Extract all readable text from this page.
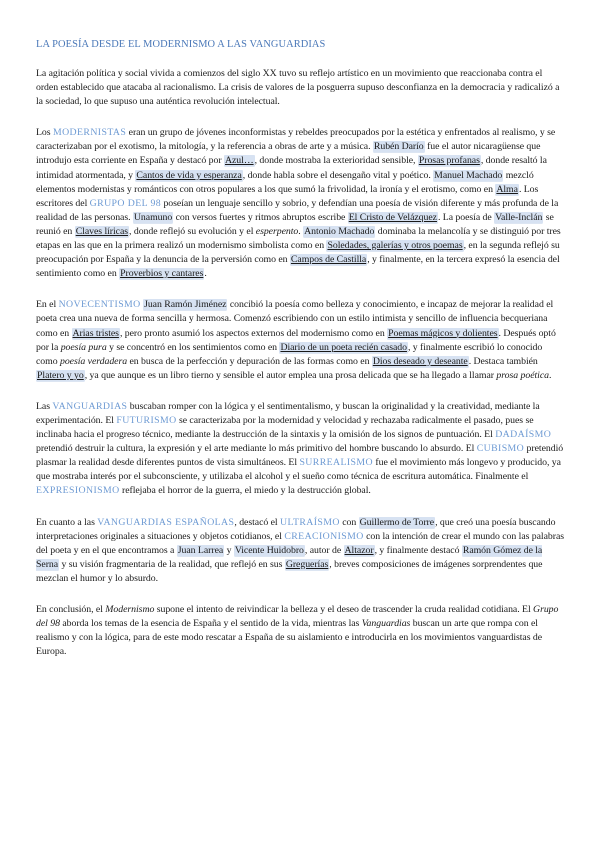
LA POESÍA DESDE EL MODERNISMO A LAS VANGUARDIAS

La agitación política y social vivida a comienzos del siglo XX tuvo su reflejo artístico en un movimiento que reaccionaba contra el orden establecido que atacaba al racionalismo. La crisis de valores de la posguerra supuso desconfianza en la democracia y radicalizó a la sociedad, lo que supuso una auténtica revolución intelectual.

Los MODERNISTAS eran un grupo de jóvenes inconformistas y rebeldes preocupados por la estética y enfrentados al realismo, y se caracterizaban por el exotismo, la mitología, y la referencia a obras de arte y a música. Rubén Darío fue el autor nicaragüense que introdujo esta corriente en España y destacó por Azul…, donde mostraba la exterioridad sensible, Prosas profanas, donde resaltó la intimidad atormentada, y Cantos de vida y esperanza, donde habla sobre el desengaño vital y poético. Manuel Machado mezcló elementos modernistas y románticos con otros populares a los que sumó la frivolidad, la ironía y el erotismo, como en Alma. Los escritores del GRUPO DEL 98 poseían un lenguaje sencillo y sobrio, y defendían una poesía de visión diferente y más profunda de la realidad de las personas. Unamuno con versos fuertes y ritmos abruptos escribe El Cristo de Velázquez. La poesía de Valle-Inclán se reunió en Claves líricas, donde reflejó su evolución y el esperpento. Antonio Machado dominaba la melancolía y se distinguió por tres etapas en las que en la primera realizó un modernismo simbolista como en Soledades, galerías y otros poemas, en la segunda reflejó su preocupación por España y la denuncia de la perversión como en Campos de Castilla, y finalmente, en la tercera expresó la esencia del sentimiento como en Proverbios y cantares.

En el NOVECENTISMO Juan Ramón Jiménez concibió la poesía como belleza y conocimiento, e incapaz de mejorar la realidad el poeta crea una nueva de forma sencilla y hermosa. Comenzó escribiendo con un estilo intimista y sencillo de influencia becqueriana como en Arias tristes, pero pronto asumió los aspectos externos del modernismo como en Poemas mágicos y dolientes. Después optó por la poesía pura y se concentró en los sentimientos como en Diario de un poeta recién casado, y finalmente escribió lo conocido como poesía verdadera en busca de la perfección y depuración de las formas como en Dios deseado y deseante. Destaca también Platero y yo, ya que aunque es un libro tierno y sensible el autor emplea una prosa delicada que se ha llegado a llamar prosa poética.

Las VANGUARDIAS buscaban romper con la lógica y el sentimentalismo, y buscan la originalidad y la creatividad, mediante la experimentación. El FUTURISMO se caracterizaba por la modernidad y velocidad y rechazaba radicalmente el pasado, pues se inclinaba hacia el progreso técnico, mediante la destrucción de la sintaxis y la omisión de los signos de puntuación. El DADAÍSMO pretendió destruir la cultura, la expresión y el arte mediante lo más primitivo del hombre buscando lo absurdo. El CUBISMO pretendió plasmar la realidad desde diferentes puntos de vista simultáneos. El SURREALISMO fue el movimiento más longevo y producido, ya que mostraba interés por el subconsciente, y utilizaba el alcohol y el sueño como técnica de escritura automática. Finalmente el EXPRESIONISMO reflejaba el horror de la guerra, el miedo y la destrucción global.

En cuanto a las VANGUARDIAS ESPAÑOLAS, destacó el ULTRAÍSMO con Guillermo de Torre, que creó una poesía buscando interpretaciones originales a situaciones y objetos cotidianos, el CREACIONISMO con la intención de crear el mundo con las palabras del poeta y en el que encontramos a Juan Larrea y Vicente Huidobro, autor de Altazor, y finalmente destacó Ramón Gómez de la Serna y su visión fragmentaria de la realidad, que reflejó en sus Greguerías, breves composiciones de imágenes sorprendentes que mezclan el humor y lo absurdo.

En conclusión, el Modernismo supone el intento de reivindicar la belleza y el deseo de trascender la cruda realidad cotidiana. El Grupo del 98 aborda los temas de la esencia de España y el sentido de la vida, mientras las Vanguardias buscan un arte que rompa con el realismo y con la lógica, para de este modo rescatar a España de su aislamiento e introducirla en los movimientos vanguardistas de Europa.
